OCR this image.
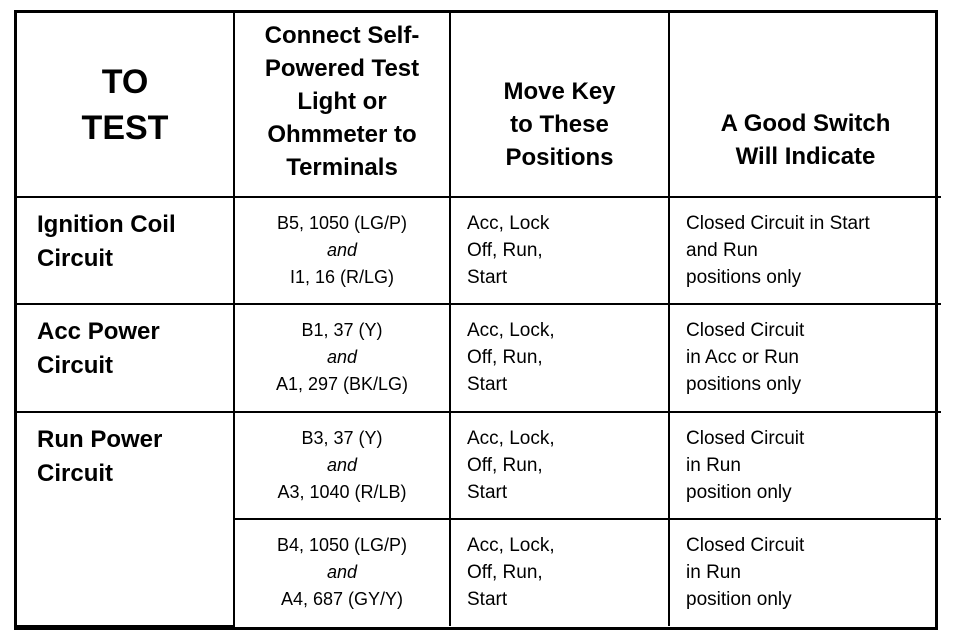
TO
TEST	Connect Self-
Powered Test
Light or
Ohmmeter to
Terminals	Move Key
to These
Positions	A Good Switch
Will Indicate

Ignition Coil
Circuit	B5, 1050 (LG/P)
and
I1, 16 (R/LG)	Acc, Lock
Off, Run,
Start	Closed Circuit in Start
and Run
positions only

Acc Power
Circuit	B1, 37 (Y)
and
A1, 297 (BK/LG)	Acc, Lock,
Off, Run,
Start	Closed Circuit
in Acc or Run
positions only

Run Power
Circuit	B3, 37 (Y)
and
A3, 1040 (R/LB)	Acc, Lock,
Off, Run,
Start	Closed Circuit
in Run
position only

	B4, 1050 (LG/P)
and
A4, 687 (GY/Y)	Acc, Lock,
Off, Run,
Start	Closed Circuit
in Run
position only
